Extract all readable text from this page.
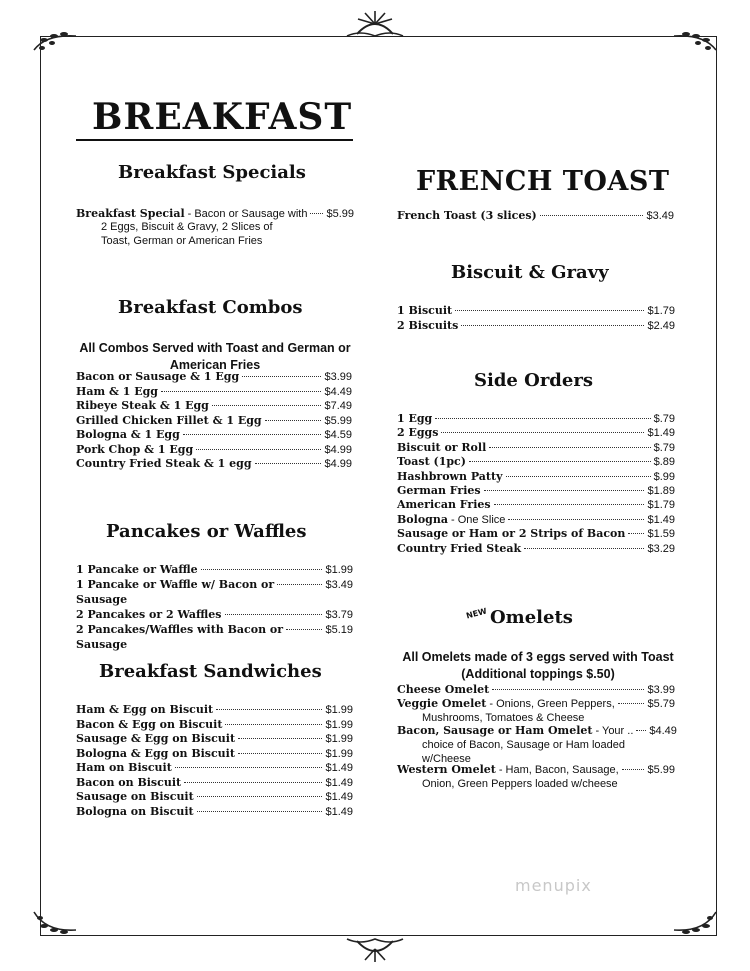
BREAKFAST
Breakfast Specials
Breakfast Special - Bacon or Sausage with $5.99
2 Eggs, Biscuit & Gravy, 2 Slices of
Toast, German or American Fries
Breakfast Combos
All Combos Served with Toast and German or American Fries
Bacon or Sausage & 1 Egg	$3.99
Ham & 1 Egg	$4.49
Ribeye Steak & 1 Egg	$7.49
Grilled Chicken Fillet & 1 Egg	$5.99
Bologna & 1 Egg	$4.59
Pork Chop & 1 Egg	$4.99
Country Fried Steak & 1 egg	$4.99
Pancakes or Waffles
1 Pancake or Waffle	$1.99
1 Pancake or Waffle w/ Bacon or	$3.49
Sausage
2 Pancakes or 2 Waffles	$3.79
2 Pancakes/Waffles with Bacon or	$5.19
Sausage
Breakfast Sandwiches
Ham & Egg on Biscuit	$1.99
Bacon & Egg on Biscuit	$1.99
Sausage & Egg on Biscuit	$1.99
Bologna & Egg on Biscuit	$1.99
Ham on Biscuit	$1.49
Bacon on Biscuit	$1.49
Sausage on Biscuit	$1.49
Bologna on Biscuit	$1.49
FRENCH TOAST
French Toast (3 slices)	$3.49
Biscuit & Gravy
1 Biscuit	$1.79
2 Biscuits	$2.49
Side Orders
1 Egg	$.79
2 Eggs	$1.49
Biscuit or Roll	$.79
Toast (1pc)	$.89
Hashbrown Patty	$.99
German Fries	$1.89
American Fries	$1.79
Bologna - One Slice	$1.49
Sausage or Ham or 2 Strips of Bacon $1.59
Country Fried Steak	$3.29
NEW Omelets
All Omelets made of 3 eggs served with Toast
(Additional toppings $.50)
Cheese Omelet	$3.99
Veggie Omelet - Onions, Green Peppers,	$5.79
Mushrooms, Tomatoes & Cheese
Bacon, Sausage or Ham Omelet - Your .. $4.49
choice of Bacon, Sausage or Ham loaded
w/Cheese
Western Omelet - Ham, Bacon, Sausage,	$5.99
Onion, Green Peppers loaded w/cheese
menupix
